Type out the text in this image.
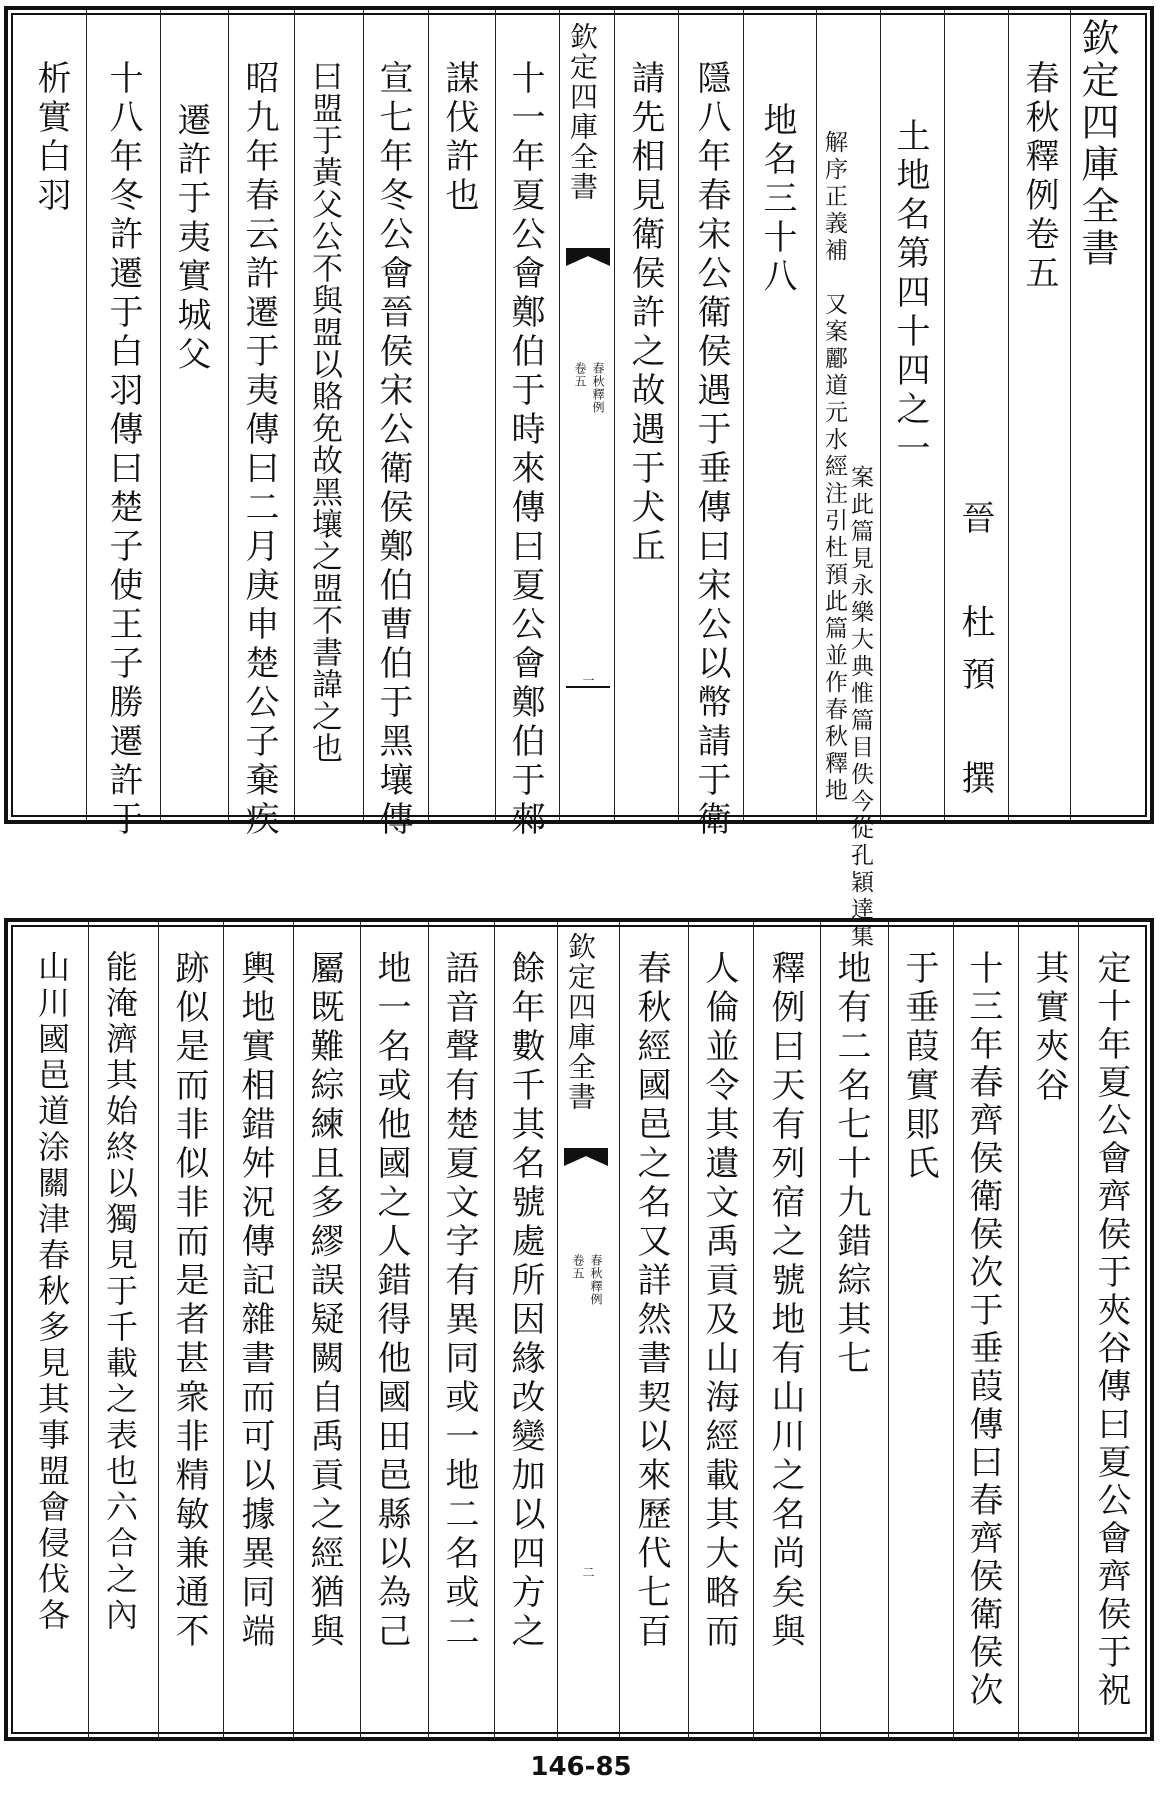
欽定四庫全書
春秋釋例卷五
晉　杜預　撰
土地名第四十四之一
案此篇見永樂大典惟篇目佚今從孔穎達集
解序正義補　又案酈道元水經注引杜預此篇並作春秋釋地
地名三十八
隱八年春宋公衛侯遇于垂傳曰宋公以幣請于衛
請先相見衛侯許之故遇于犬丘
欽定四庫全書
春秋釋例
卷五
一
十一年夏公會鄭伯于時來傳曰夏公會鄭伯于郲
謀伐許也
宣七年冬公會晉侯宋公衛侯鄭伯曹伯于黑壤傳
曰盟于黃父公不與盟以賂免故黑壤之盟不書諱之也
昭九年春云許遷于夷傳曰二月庚申楚公子棄疾
遷許于夷實城父
十八年冬許遷于白羽傳曰楚子使王子勝遷許于
析實白羽
定十年夏公會齊侯于夾谷傳曰夏公會齊侯于祝
其實夾谷
十三年春齊侯衛侯次于垂葭傳曰春齊侯衛侯次
于垂葭實郥氏
地有二名七十九錯綜其七
釋例曰天有列宿之號地有山川之名尚矣與
人倫並令其遺文禹貢及山海經載其大略而
春秋經國邑之名又詳然書契以來歷代七百
欽定四庫全書
春秋釋例
卷五
二
餘年數千其名號處所因緣改變加以四方之
語音聲有楚夏文字有異同或一地二名或二
地一名或他國之人錯得他國田邑縣以為己
屬既難綜練且多繆誤疑闕自禹貢之經猶與
輿地實相錯舛況傳記雜書而可以據異同端
跡似是而非似非而是者甚衆非精敏兼通不
能淹濟其始終以獨見于千載之表也六合之內
山川國邑道涂關津春秋多見其事盟會侵伐各
146-85
